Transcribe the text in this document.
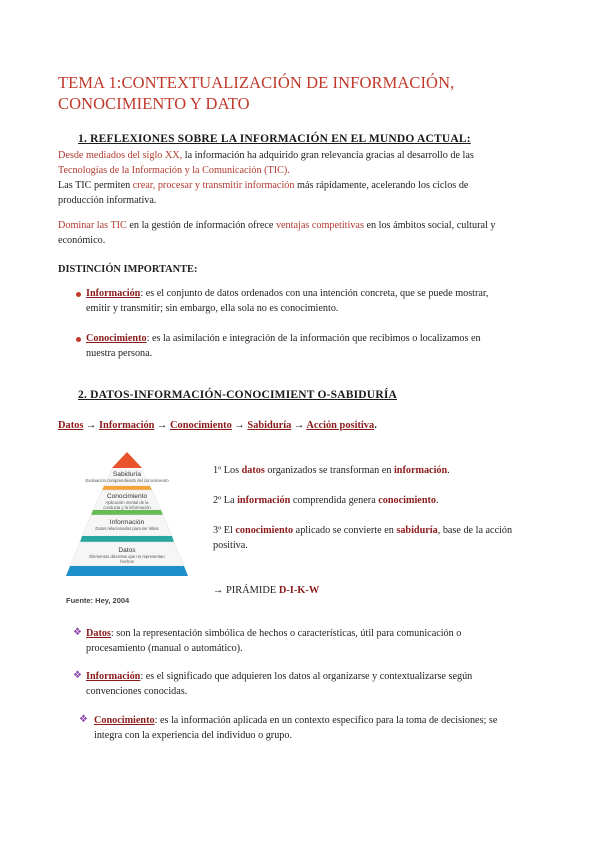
TEMA 1:CONTEXTUALIZACIÓN DE INFORMACIÓN,
CONOCIMIENTO Y DATO
1. REFLEXIONES SOBRE LA INFORMACIÓN EN EL MUNDO ACTUAL:
Desde mediados del siglo XX, la información ha adquirido gran relevancia gracias al desarrollo de las
Tecnologías de la Información y la Comunicación (TIC).
Las TIC permiten crear, procesar y transmitir información más rápidamente, acelerando los ciclos de
producción informativa.
Dominar las TIC en la gestión de información ofrece ventajas competitivas en los ámbitos social, cultural y
económico.
DISTINCIÓN IMPORTANTE:
Información: es el conjunto de datos ordenados con una intención concreta, que se puede mostrar,
emitir y transmitir; sin embargo, ella sola no es conocimiento.
Conocimiento: es la asimilación e integración de la información que recibimos o localizamos en
nuestra persona.
2. DATOS-INFORMACIÓN-CONOCIMIENT O-SABIDURÍA
Datos → Información → Conocimiento → Sabiduría → Acción positiva.
Sabiduría
Evaluación comprendiendo del conocimiento
Conocimiento
Aplicación mental de la conducta y la información
Información
Datos relacionados para ser útiles
Datos
Elementos discretos que no representan hechos
Fuente: Hey, 2004
1º Los datos organizados se transforman en información.
2º La información comprendida genera conocimiento.
3º El conocimiento aplicado se convierte en sabiduría, base de la acción
positiva.
→ PIRÁMIDE D-I-K-W
❖ Datos: son la representación simbólica de hechos o características, útil para comunicación o
procesamiento (manual o automático).
❖ Información: es el significado que adquieren los datos al organizarse y contextualizarse según
convenciones conocidas.
❖ Conocimiento: es la información aplicada en un contexto específico para la toma de decisiones; se
integra con la experiencia del individuo o grupo.
